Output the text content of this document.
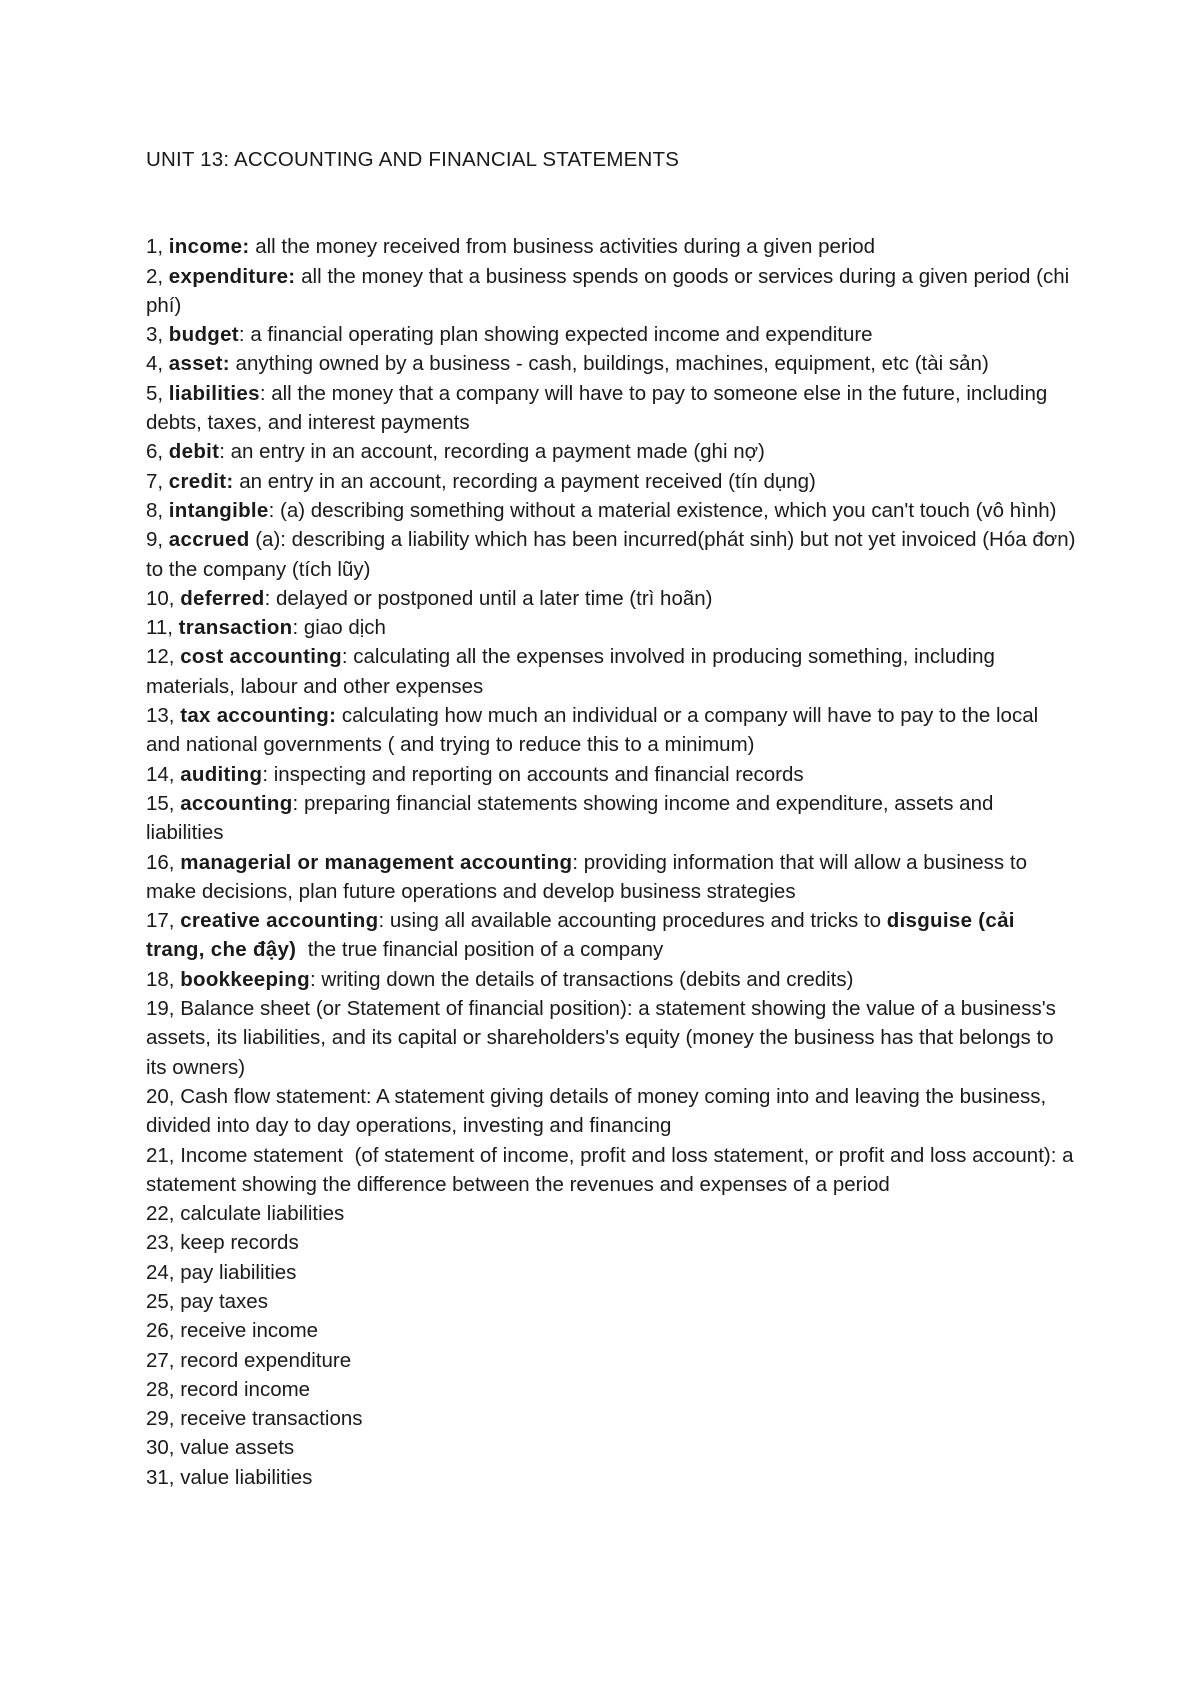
UNIT 13: ACCOUNTING AND FINANCIAL STATEMENTS
1, income: all the money received from business activities during a given period
2, expenditure: all the money that a business spends on goods or services during a given period (chi phí)
3, budget: a financial operating plan showing expected income and expenditure
4, asset: anything owned by a business - cash, buildings, machines, equipment, etc (tài sản)
5, liabilities: all the money that a company will have to pay to someone else in the future, including debts, taxes, and interest payments
6, debit: an entry in an account, recording a payment made (ghi nợ)
7, credit: an entry in an account, recording a payment received (tín dụng)
8, intangible: (a) describing something without a material existence, which you can't touch (vô hình)
9, accrued (a): describing a liability which has been incurred(phát sinh) but not yet invoiced (Hóa đơn)  to the company (tích lũy)
10, deferred: delayed or postponed until a later time (trì hoãn)
11, transaction: giao dịch
12, cost accounting: calculating all the expenses involved in producing something, including materials, labour and other expenses
13, tax accounting: calculating how much an individual or a company will have to pay to the local and national governments ( and trying to reduce this to a minimum)
14, auditing: inspecting and reporting on accounts and financial records
15, accounting: preparing financial statements showing income and expenditure, assets and liabilities
16, managerial or management accounting: providing information that will allow a business to make decisions, plan future operations and develop business strategies
17, creative accounting: using all available accounting procedures and tricks to disguise (cải trang, che đậy)  the true financial position of a company
18, bookkeeping: writing down the details of transactions (debits and credits)
19, Balance sheet (or Statement of financial position): a statement showing the value of a business's assets, its liabilities, and its capital or shareholders's equity (money the business has that belongs to its owners)
20, Cash flow statement: A statement giving details of money coming into and leaving the business, divided into day to day operations, investing and financing
21, Income statement  (of statement of income, profit and loss statement, or profit and loss account): a statement showing the difference between the revenues and expenses of a period
22, calculate liabilities
23, keep records
24, pay liabilities
25, pay taxes
26, receive income
27, record expenditure
28, record income
29, receive transactions
30, value assets
31, value liabilities
